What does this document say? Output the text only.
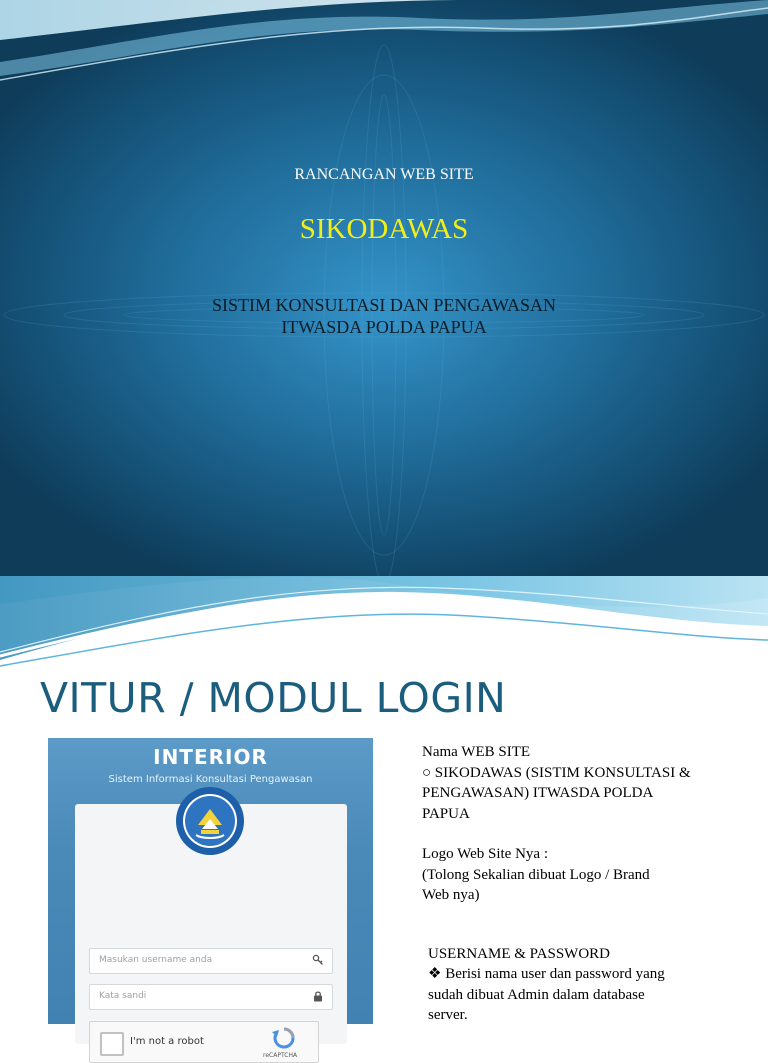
RANCANGAN WEB SITE
SIKODAWAS
SISTIM KONSULTASI DAN PENGAWASAN
ITWASDA POLDA PAPUA
VITUR / MODUL LOGIN
INTERIOR
Sistem Informasi Konsultasi Pengawasan
Masukan username anda
Kata sandi
I'm not a robot
reCAPTCHA

Nama WEB SITE

○ SIKODAWAS (SISTIM KONSULTASI &

PENGAWASAN) ITWASDA POLDA

PAPUA

Logo Web Site Nya :

(Tolong Sekalian dibuat Logo / Brand

Web nya)

USERNAME & PASSWORD

❖ Berisi nama user dan password yang

sudah dibuat Admin dalam database

server.
